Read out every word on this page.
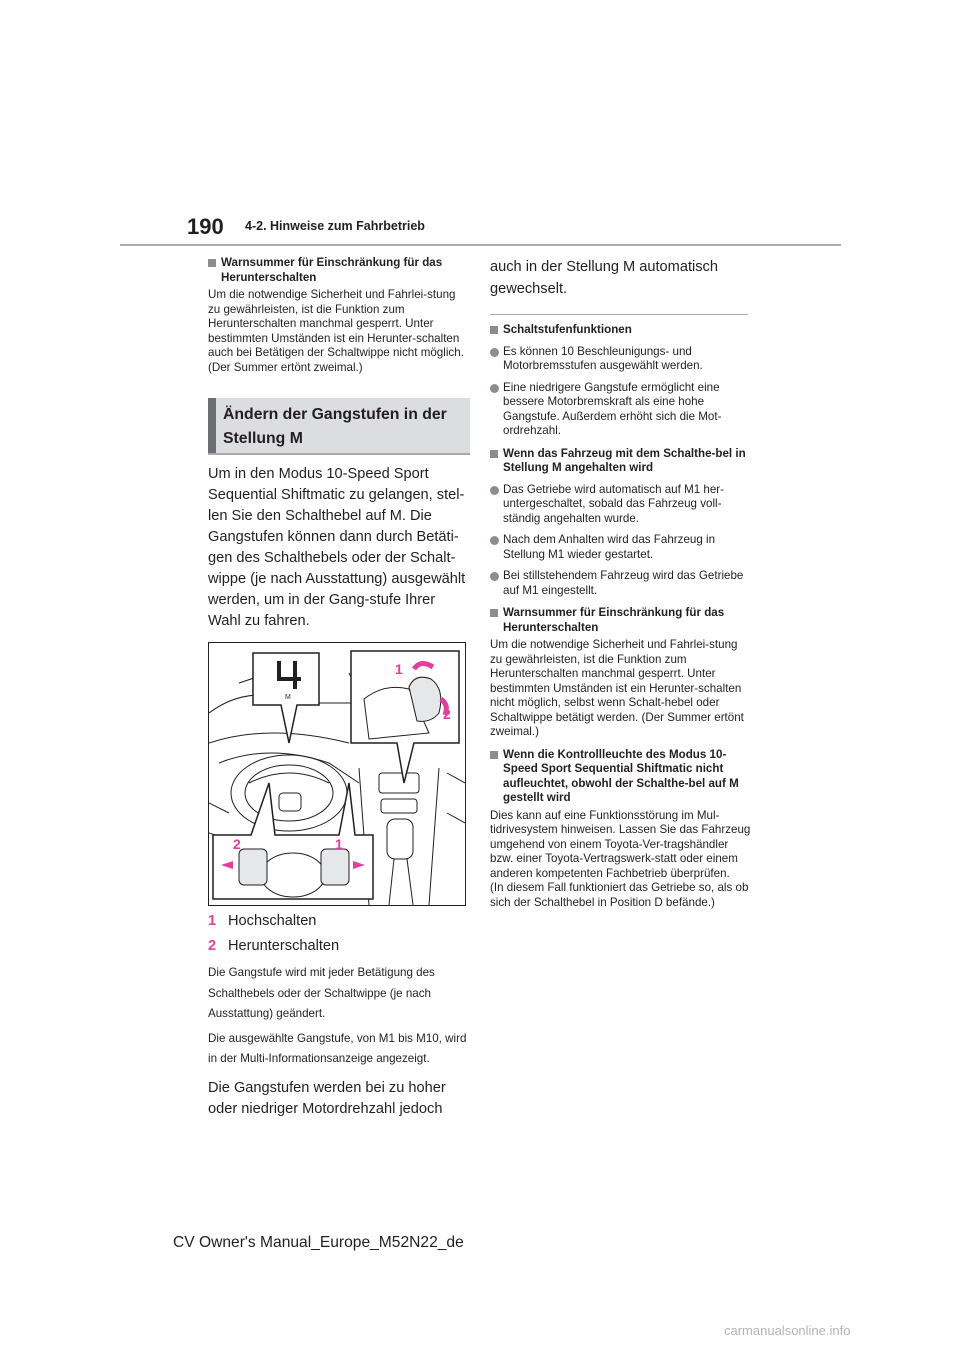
190 4-2. Hinweise zum Fahrbetrieb

Warnsummer für Einschränkung für das Herunterschalten

Um die notwendige Sicherheit und Fahrlei-stung zu gewährleisten, ist die Funktion zum Herunterschalten manchmal gesperrt. Unter bestimmten Umständen ist ein Herunter-schalten auch bei Betätigen der Schaltwippe nicht möglich. (Der Summer ertönt zweimal.)

Ändern der Gangstufen in der Stellung M

Um in den Modus 10-Speed Sport Sequential Shiftmatic zu gelangen, stel-len Sie den Schalthebel auf M. Die Gangstufen können dann durch Betäti-gen des Schalthebels oder der Schalt-wippe (je nach Ausstattung) ausgewählt werden, um in der Gang-stufe Ihrer Wahl zu fahren.

M
1
2
2	1
1 Hochschalten
2 Herunterschalten

Die Gangstufe wird mit jeder Betätigung des Schalthebels oder der Schaltwippe (je nach Ausstattung) geändert.

Die ausgewählte Gangstufe, von M1 bis M10, wird in der Multi-Informationsanzeige angezeigt.

Die Gangstufen werden bei zu hoher oder niedriger Motordrehzahl jedoch

auch in der Stellung M automatisch gewechselt.

Schaltstufenfunktionen

Es können 10 Beschleunigungs- und Motorbremsstufen ausgewählt werden.

Eine niedrigere Gangstufe ermöglicht eine bessere Motorbremskraft als eine hohe Gangstufe. Außerdem erhöht sich die Mot-ordrehzahl.

Wenn das Fahrzeug mit dem Schalthe-bel in Stellung M angehalten wird

Das Getriebe wird automatisch auf M1 her-untergeschaltet, sobald das Fahrzeug voll-ständig angehalten wurde.

Nach dem Anhalten wird das Fahrzeug in Stellung M1 wieder gestartet.

Bei stillstehendem Fahrzeug wird das Getriebe auf M1 eingestellt.

Warnsummer für Einschränkung für das Herunterschalten

Um die notwendige Sicherheit und Fahrlei-stung zu gewährleisten, ist die Funktion zum Herunterschalten manchmal gesperrt. Unter bestimmten Umständen ist ein Herunter-schalten nicht möglich, selbst wenn Schalt-hebel oder Schaltwippe betätigt werden. (Der Summer ertönt zweimal.)

Wenn die Kontrollleuchte des Modus 10-Speed Sport Sequential Shiftmatic nicht aufleuchtet, obwohl der Schalthe-bel auf M gestellt wird

Dies kann auf eine Funktionsstörung im Mul-tidrivesystem hinweisen. Lassen Sie das Fahrzeug umgehend von einem Toyota-Ver-tragshändler bzw. einer Toyota-Vertragswerk-statt oder einem anderen kompetenten Fachbetrieb überprüfen.

(In diesem Fall funktioniert das Getriebe so, als ob sich der Schalthebel in Position D befände.)

CV Owner's Manual_Europe_M52N22_de
carmanualsonline.info
